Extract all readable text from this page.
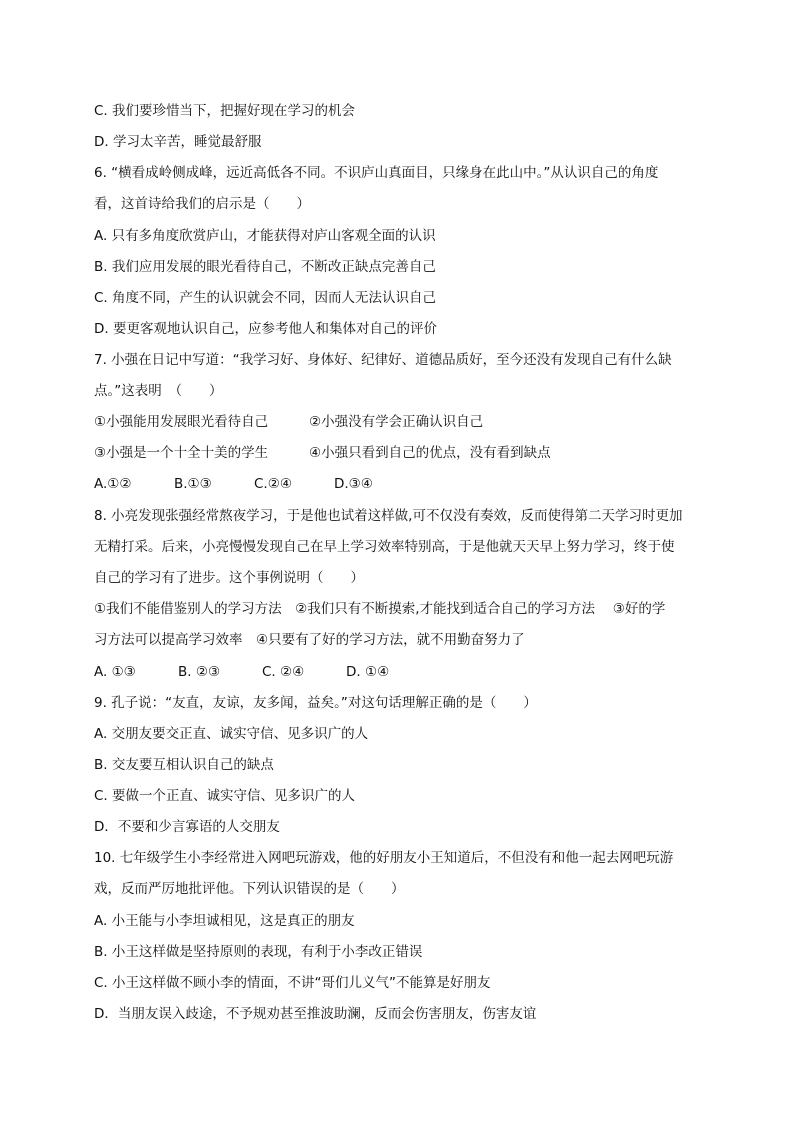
C. 我们要珍惜当下，把握好现在学习的机会
D. 学习太辛苦，睡觉最舒服
6. “横看成岭侧成峰，远近高低各不同。不识庐山真面目，只缘身在此山中。”从认识自己的角度
看，这首诗给我们的启示是（　　）
A. 只有多角度欣赏庐山，才能获得对庐山客观全面的认识
B. 我们应用发展的眼光看待自己，不断改正缺点完善自己
C. 角度不同，产生的认识就会不同，因而人无法认识自己
D. 要更客观地认识自己，应参考他人和集体对自己的评价
7. 小强在日记中写道：“我学习好、身体好、纪律好、道德品质好，至今还没有发现自己有什么缺
点。”这表明　（　　）
①小强能用发展眼光看待自己	②小强没有学会正确认识自己
③小强是一个十全十美的学生	④小强只看到自己的优点，没有看到缺点
A.①②	B.①③	C.②④	D.③④
8. 小亮发现张强经常熬夜学习，于是他也试着这样做,可不仅没有奏效，反而使得第二天学习时更加
无精打采。后来，小亮慢慢发现自己在早上学习效率特别高，于是他就天天早上努力学习，终于使
自己的学习有了进步。这个事例说明（　　）
①我们不能借鉴别人的学习方法　②我们只有不断摸索,才能找到适合自己的学习方法　 ③好的学
习方法可以提高学习效率　④只要有了好的学习方法，就不用勤奋努力了
A. ①③	B. ②③	C. ②④	D. ①④
9. 孔子说：“友直，友谅，友多闻，益矣。”对这句话理解正确的是（　　）
A. 交朋友要交正直、诚实守信、见多识广的人
B. 交友要互相认识自己的缺点
C. 要做一个正直、诚实守信、见多识广的人
D．不要和少言寡语的人交朋友
10. 七年级学生小李经常进入网吧玩游戏，他的好朋友小王知道后，不但没有和他一起去网吧玩游
戏，反而严厉地批评他。下列认识错误的是（　　）
A. 小王能与小李坦诚相见，这是真正的朋友
B. 小王这样做是坚持原则的表现，有利于小李改正错误
C. 小王这样做不顾小李的情面，不讲“哥们儿义气”不能算是好朋友
D．当朋友误入歧途，不予规劝甚至推波助澜，反而会伤害朋友，伤害友谊
